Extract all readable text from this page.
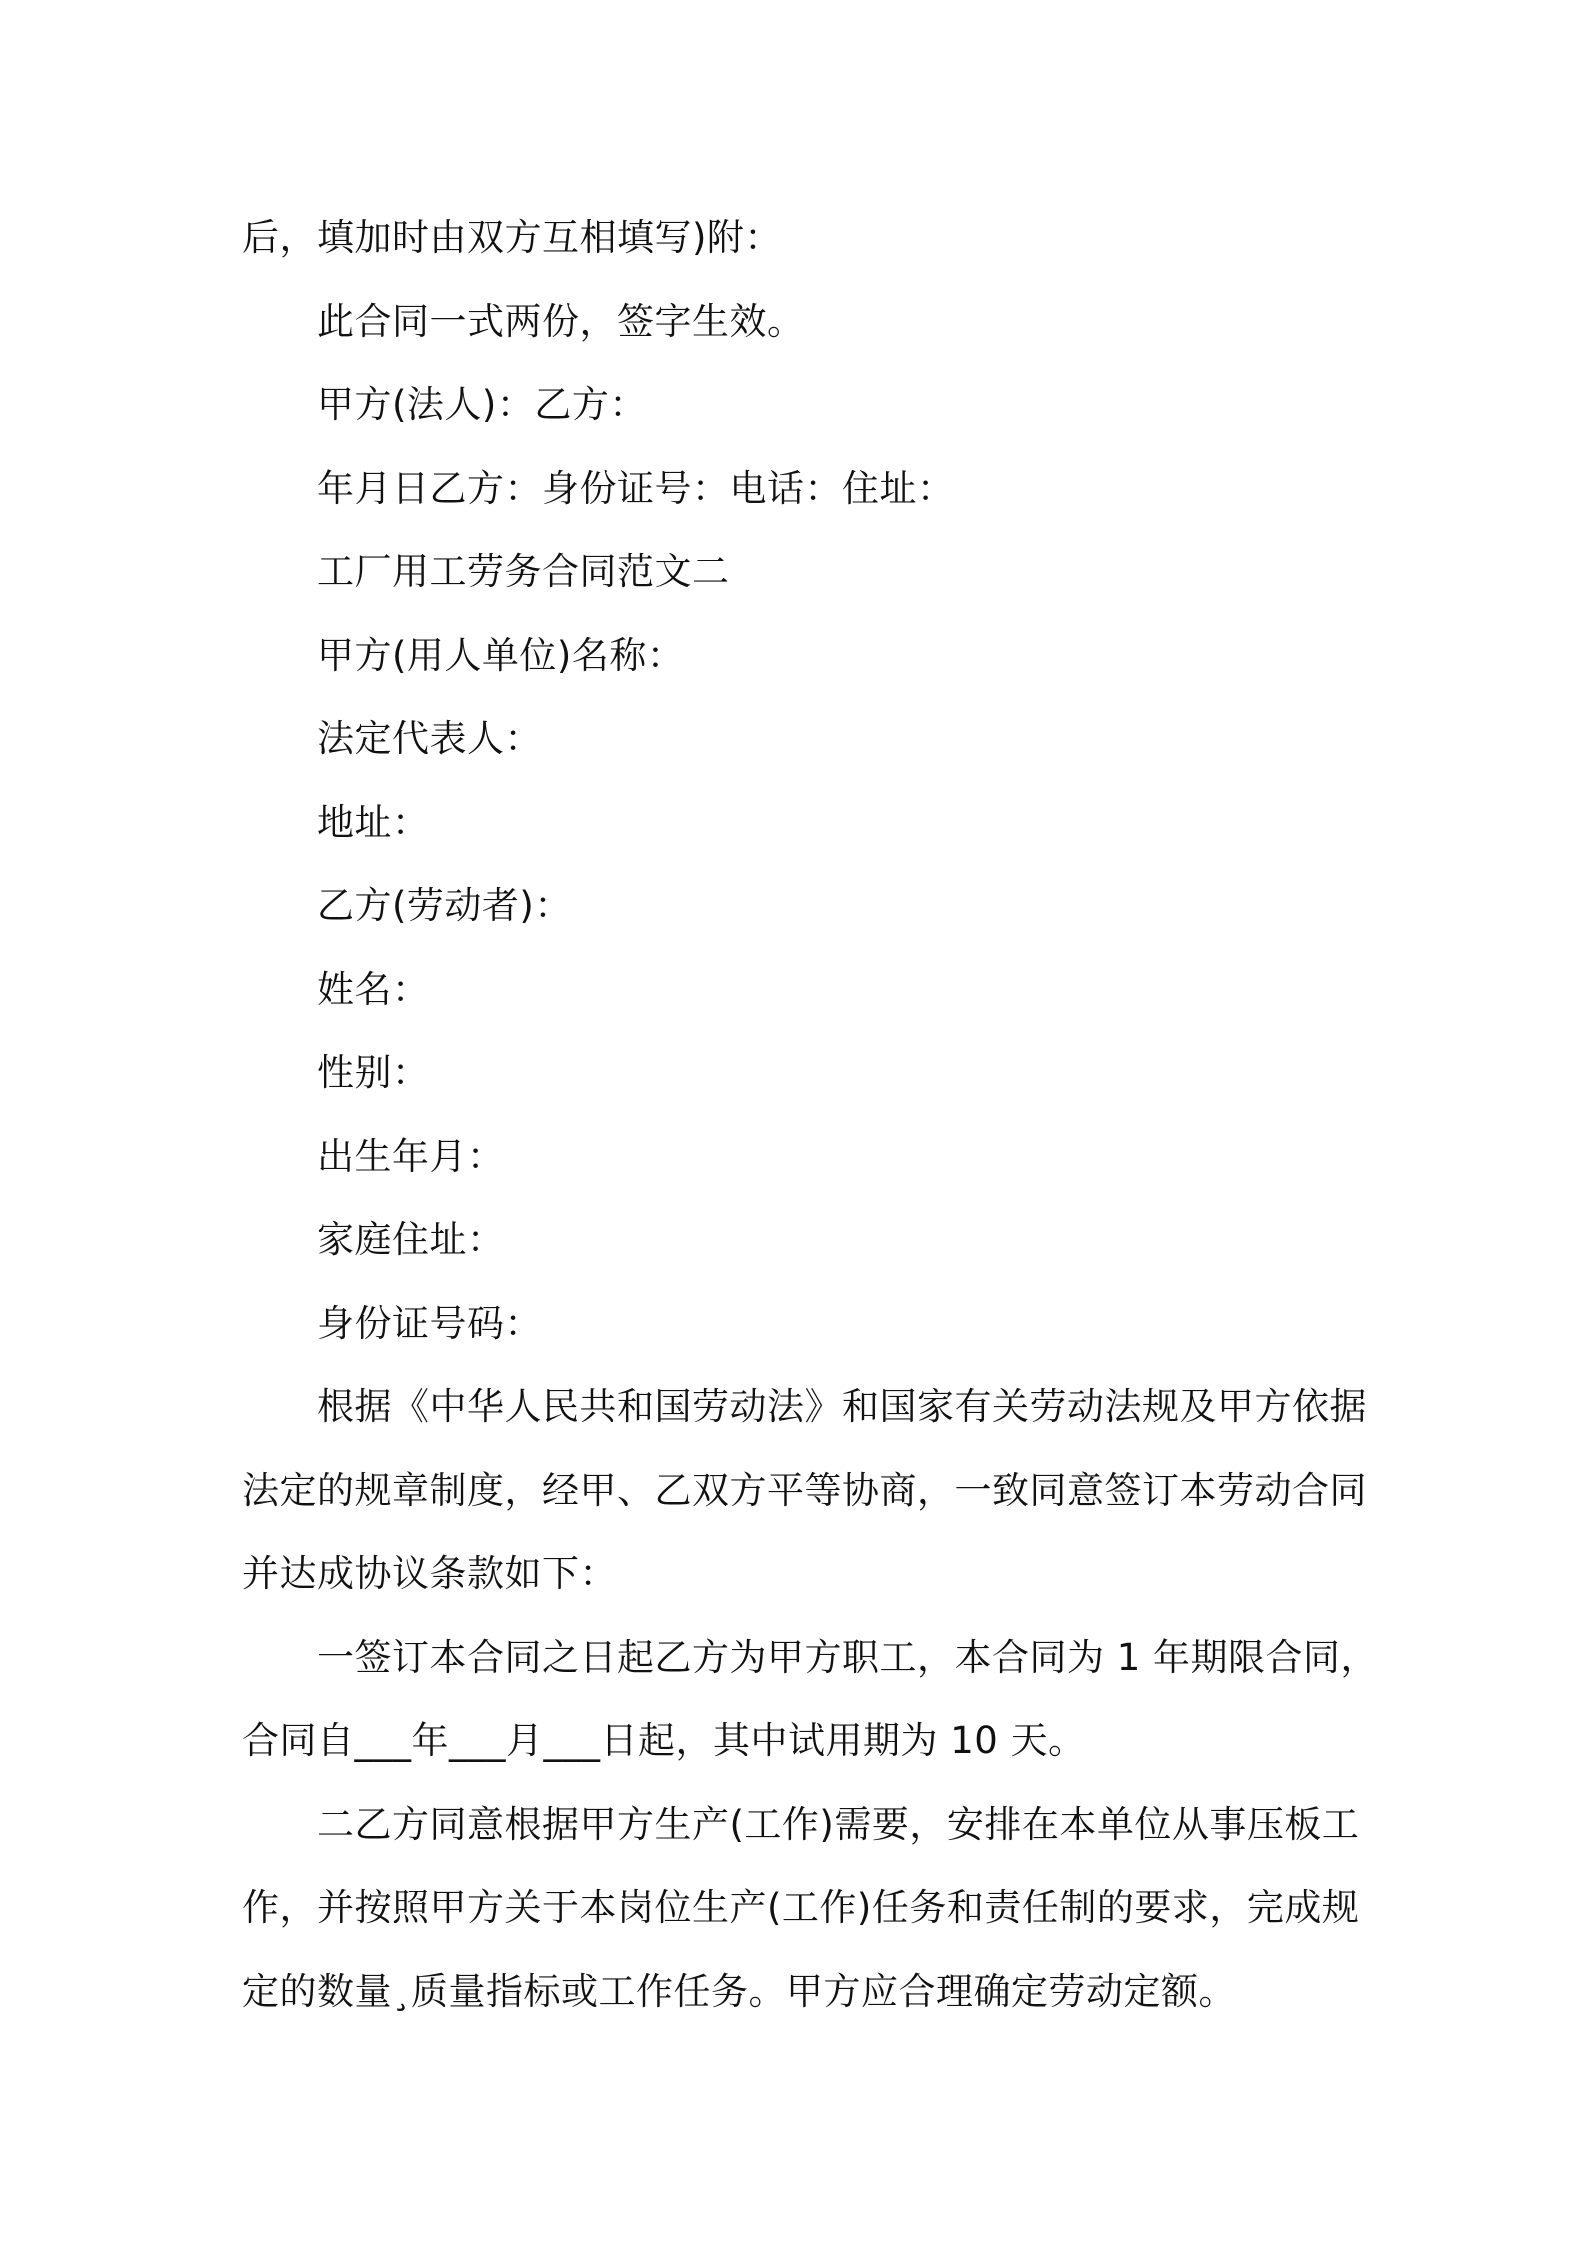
后，填加时由双方互相填写)附：
此合同一式两份，签字生效。
甲方(法人)：乙方：
年月日乙方：身份证号：电话：住址：
工厂用工劳务合同范文二
甲方(用人单位)名称：
法定代表人：
地址：
乙方(劳动者)：
姓名：
性别：
出生年月：
家庭住址：
身份证号码：
根据《中华人民共和国劳动法》和国家有关劳动法规及甲方依据
法定的规章制度，经甲、乙双方平等协商，一致同意签订本劳动合同
并达成协议条款如下：
一签订本合同之日起乙方为甲方职工，本合同为 1 年期限合同，
合同自___年___月___日起，其中试用期为 10 天。
二乙方同意根据甲方生产(工作)需要，安排在本单位从事压板工
作，并按照甲方关于本岗位生产(工作)任务和责任制的要求，完成规
定的数量¸质量指标或工作任务。甲方应合理确定劳动定额。
